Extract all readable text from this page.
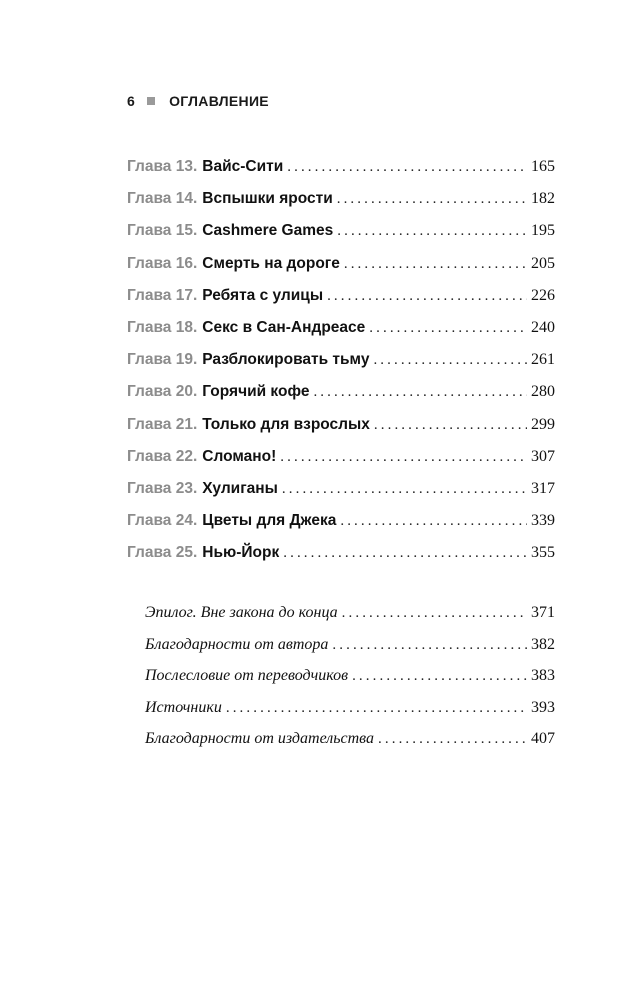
6 ОГЛАВЛЕНИЕ
Глава 13. Вайс-Сити .....	165
Глава 14. Вспышки ярости .....	182
Глава 15. Cashmere Games .....	195
Глава 16. Смерть на дороге .....	205
Глава 17. Ребята с улицы .....	226
Глава 18. Секс в Сан-Андреасе .....	240
Глава 19. Разблокировать тьму .....	261
Глава 20. Горячий кофе .....	280
Глава 21. Только для взрослых .....	299
Глава 22. Сломано! .....	307
Глава 23. Хулиганы .....	317
Глава 24. Цветы для Джека .....	339
Глава 25. Нью-Йорк .....	355
Эпилог. Вне закона до конца .....	371
Благодарности от автора .....	382
Послесловие от переводчиков .....	383
Источники .....	393
Благодарности от издательства .....	407
